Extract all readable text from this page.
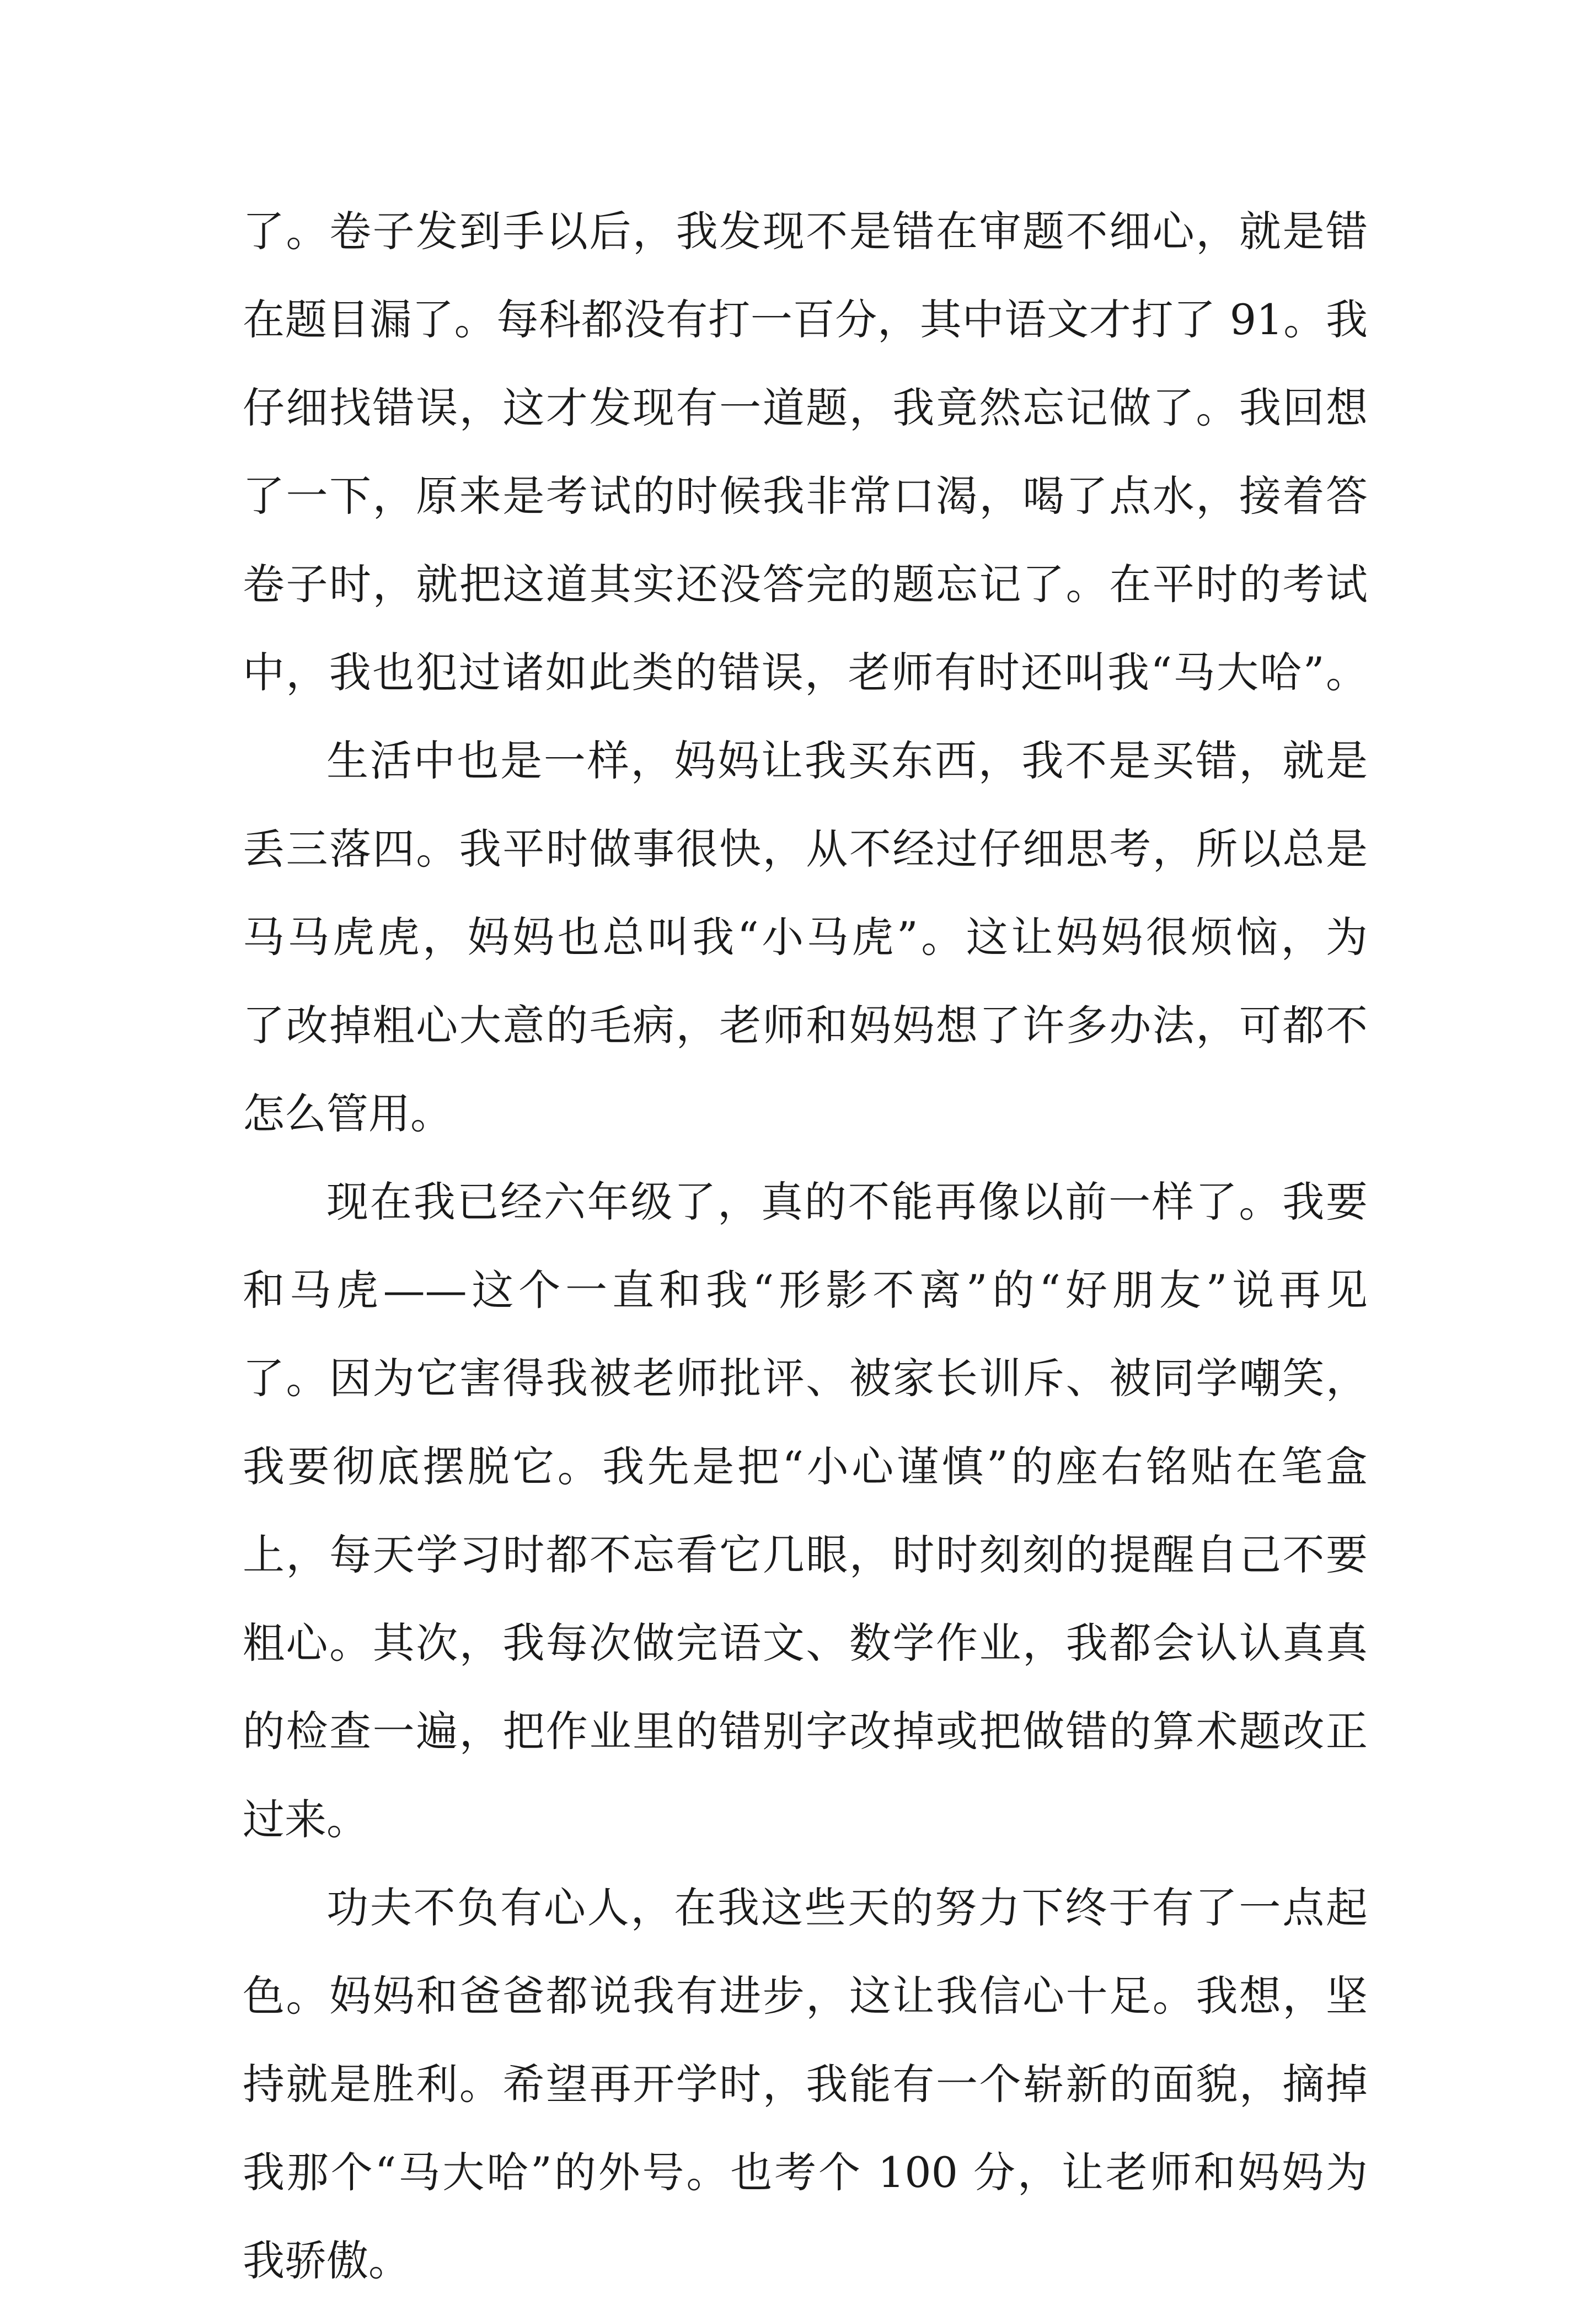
了。卷子发到手以后，我发现不是错在审题不细心，就是错
在题目漏了。每科都没有打一百分，其中语文才打了 91。我
仔细找错误，这才发现有一道题，我竟然忘记做了。我回想
了一下，原来是考试的时候我非常口渴，喝了点水，接着答
卷子时，就把这道其实还没答完的题忘记了。在平时的考试
中，我也犯过诸如此类的错误，老师有时还叫我“马大哈”。
生活中也是一样，妈妈让我买东西，我不是买错，就是
丢三落四。我平时做事很快，从不经过仔细思考，所以总是
马马虎虎，妈妈也总叫我“小马虎”。这让妈妈很烦恼，为
了改掉粗心大意的毛病，老师和妈妈想了许多办法，可都不
怎么管用。
现在我已经六年级了，真的不能再像以前一样了。我要
和马虎——这个一直和我“形影不离”的“好朋友”说再见
了。因为它害得我被老师批评、被家长训斥、被同学嘲笑，
我要彻底摆脱它。我先是把“小心谨慎”的座右铭贴在笔盒
上，每天学习时都不忘看它几眼，时时刻刻的提醒自己不要
粗心。其次，我每次做完语文、数学作业，我都会认认真真
的检查一遍，把作业里的错别字改掉或把做错的算术题改正
过来。
功夫不负有心人，在我这些天的努力下终于有了一点起
色。妈妈和爸爸都说我有进步，这让我信心十足。我想，坚
持就是胜利。希望再开学时，我能有一个崭新的面貌，摘掉
我那个“马大哈”的外号。也考个 100 分，让老师和妈妈为
我骄傲。
